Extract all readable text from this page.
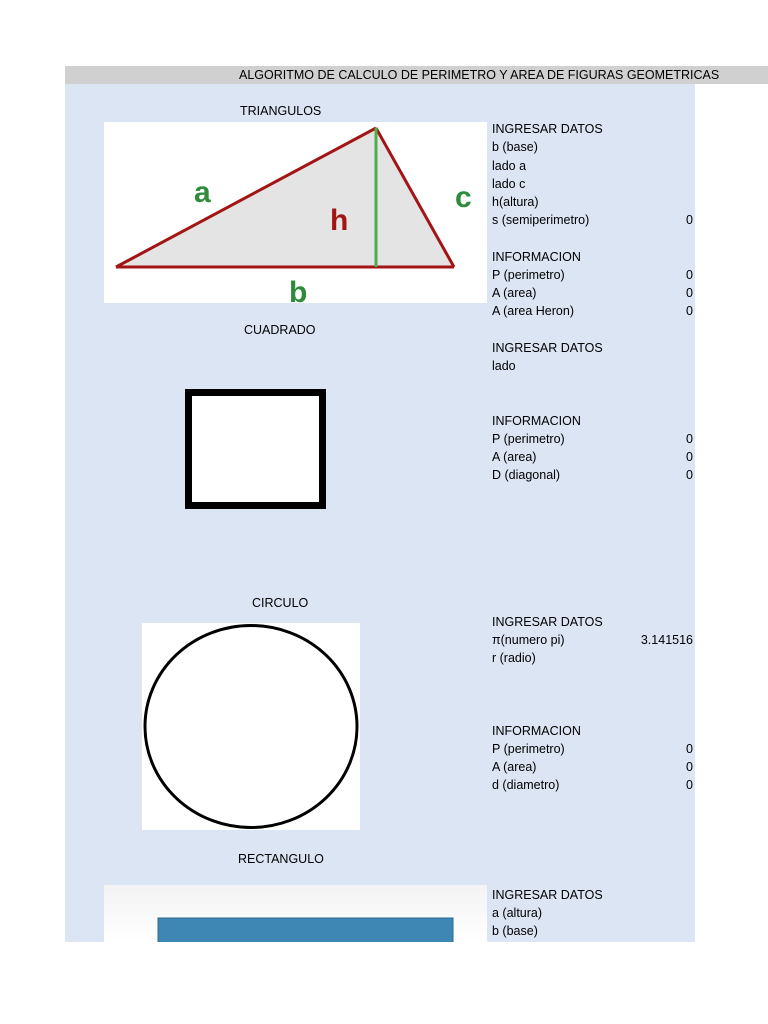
ALGORITMO DE CALCULO DE PERIMETRO Y AREA DE FIGURAS GEOMETRICAS
TRIANGULOS
a
h
c
b
INGRESAR DATOS
b (base)
lado a
lado c
h(altura)
s (semiperimetro)	0
INFORMACION
P (perimetro)	0
A (area)	0
A (area Heron)	0
CUADRADO
INGRESAR DATOS
lado
INFORMACION
P (perimetro)	0
A (area)	0
D (diagonal)	0
CIRCULO
INGRESAR DATOS
π(numero pi)	3.141516
r (radio)
INFORMACION
P (perimetro)	0
A (area)	0
d (diametro)	0
RECTANGULO
INGRESAR DATOS
a (altura)
b (base)
